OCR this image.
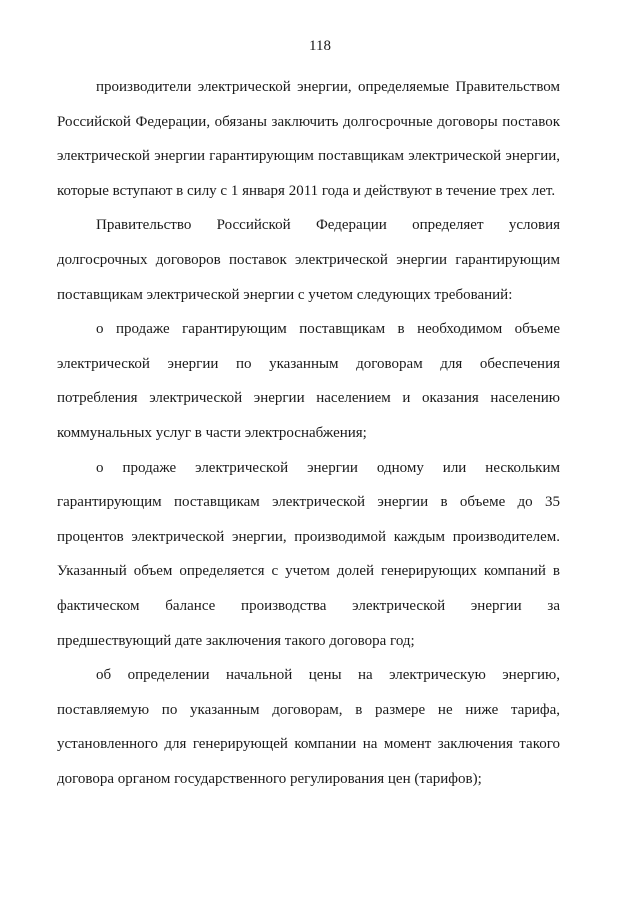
118

производители электрической энергии, определяемые Правительством Российской Федерации, обязаны заключить долгосрочные договоры поставок электрической энергии гарантирующим поставщикам электрической энергии, которые вступают в силу с 1 января 2011 года и действуют в течение трех лет.

Правительство Российской Федерации определяет условия долгосрочных договоров поставок электрической энергии гарантирующим поставщикам электрической энергии с учетом следующих требований:

о продаже гарантирующим поставщикам в необходимом объеме электрической энергии по указанным договорам для обеспечения потребления электрической энергии населением и оказания населению коммунальных услуг в части электроснабжения;

о продаже электрической энергии одному или нескольким гарантирующим поставщикам электрической энергии в объеме до 35 процентов электрической энергии, производимой каждым производителем. Указанный объем определяется с учетом долей генерирующих компаний в фактическом балансе производства электрической энергии за предшествующий дате заключения такого договора год;

об определении начальной цены на электрическую энергию, поставляемую по указанным договорам, в размере не ниже тарифа, установленного для генерирующей компании на момент заключения такого договора органом государственного регулирования цен (тарифов);
